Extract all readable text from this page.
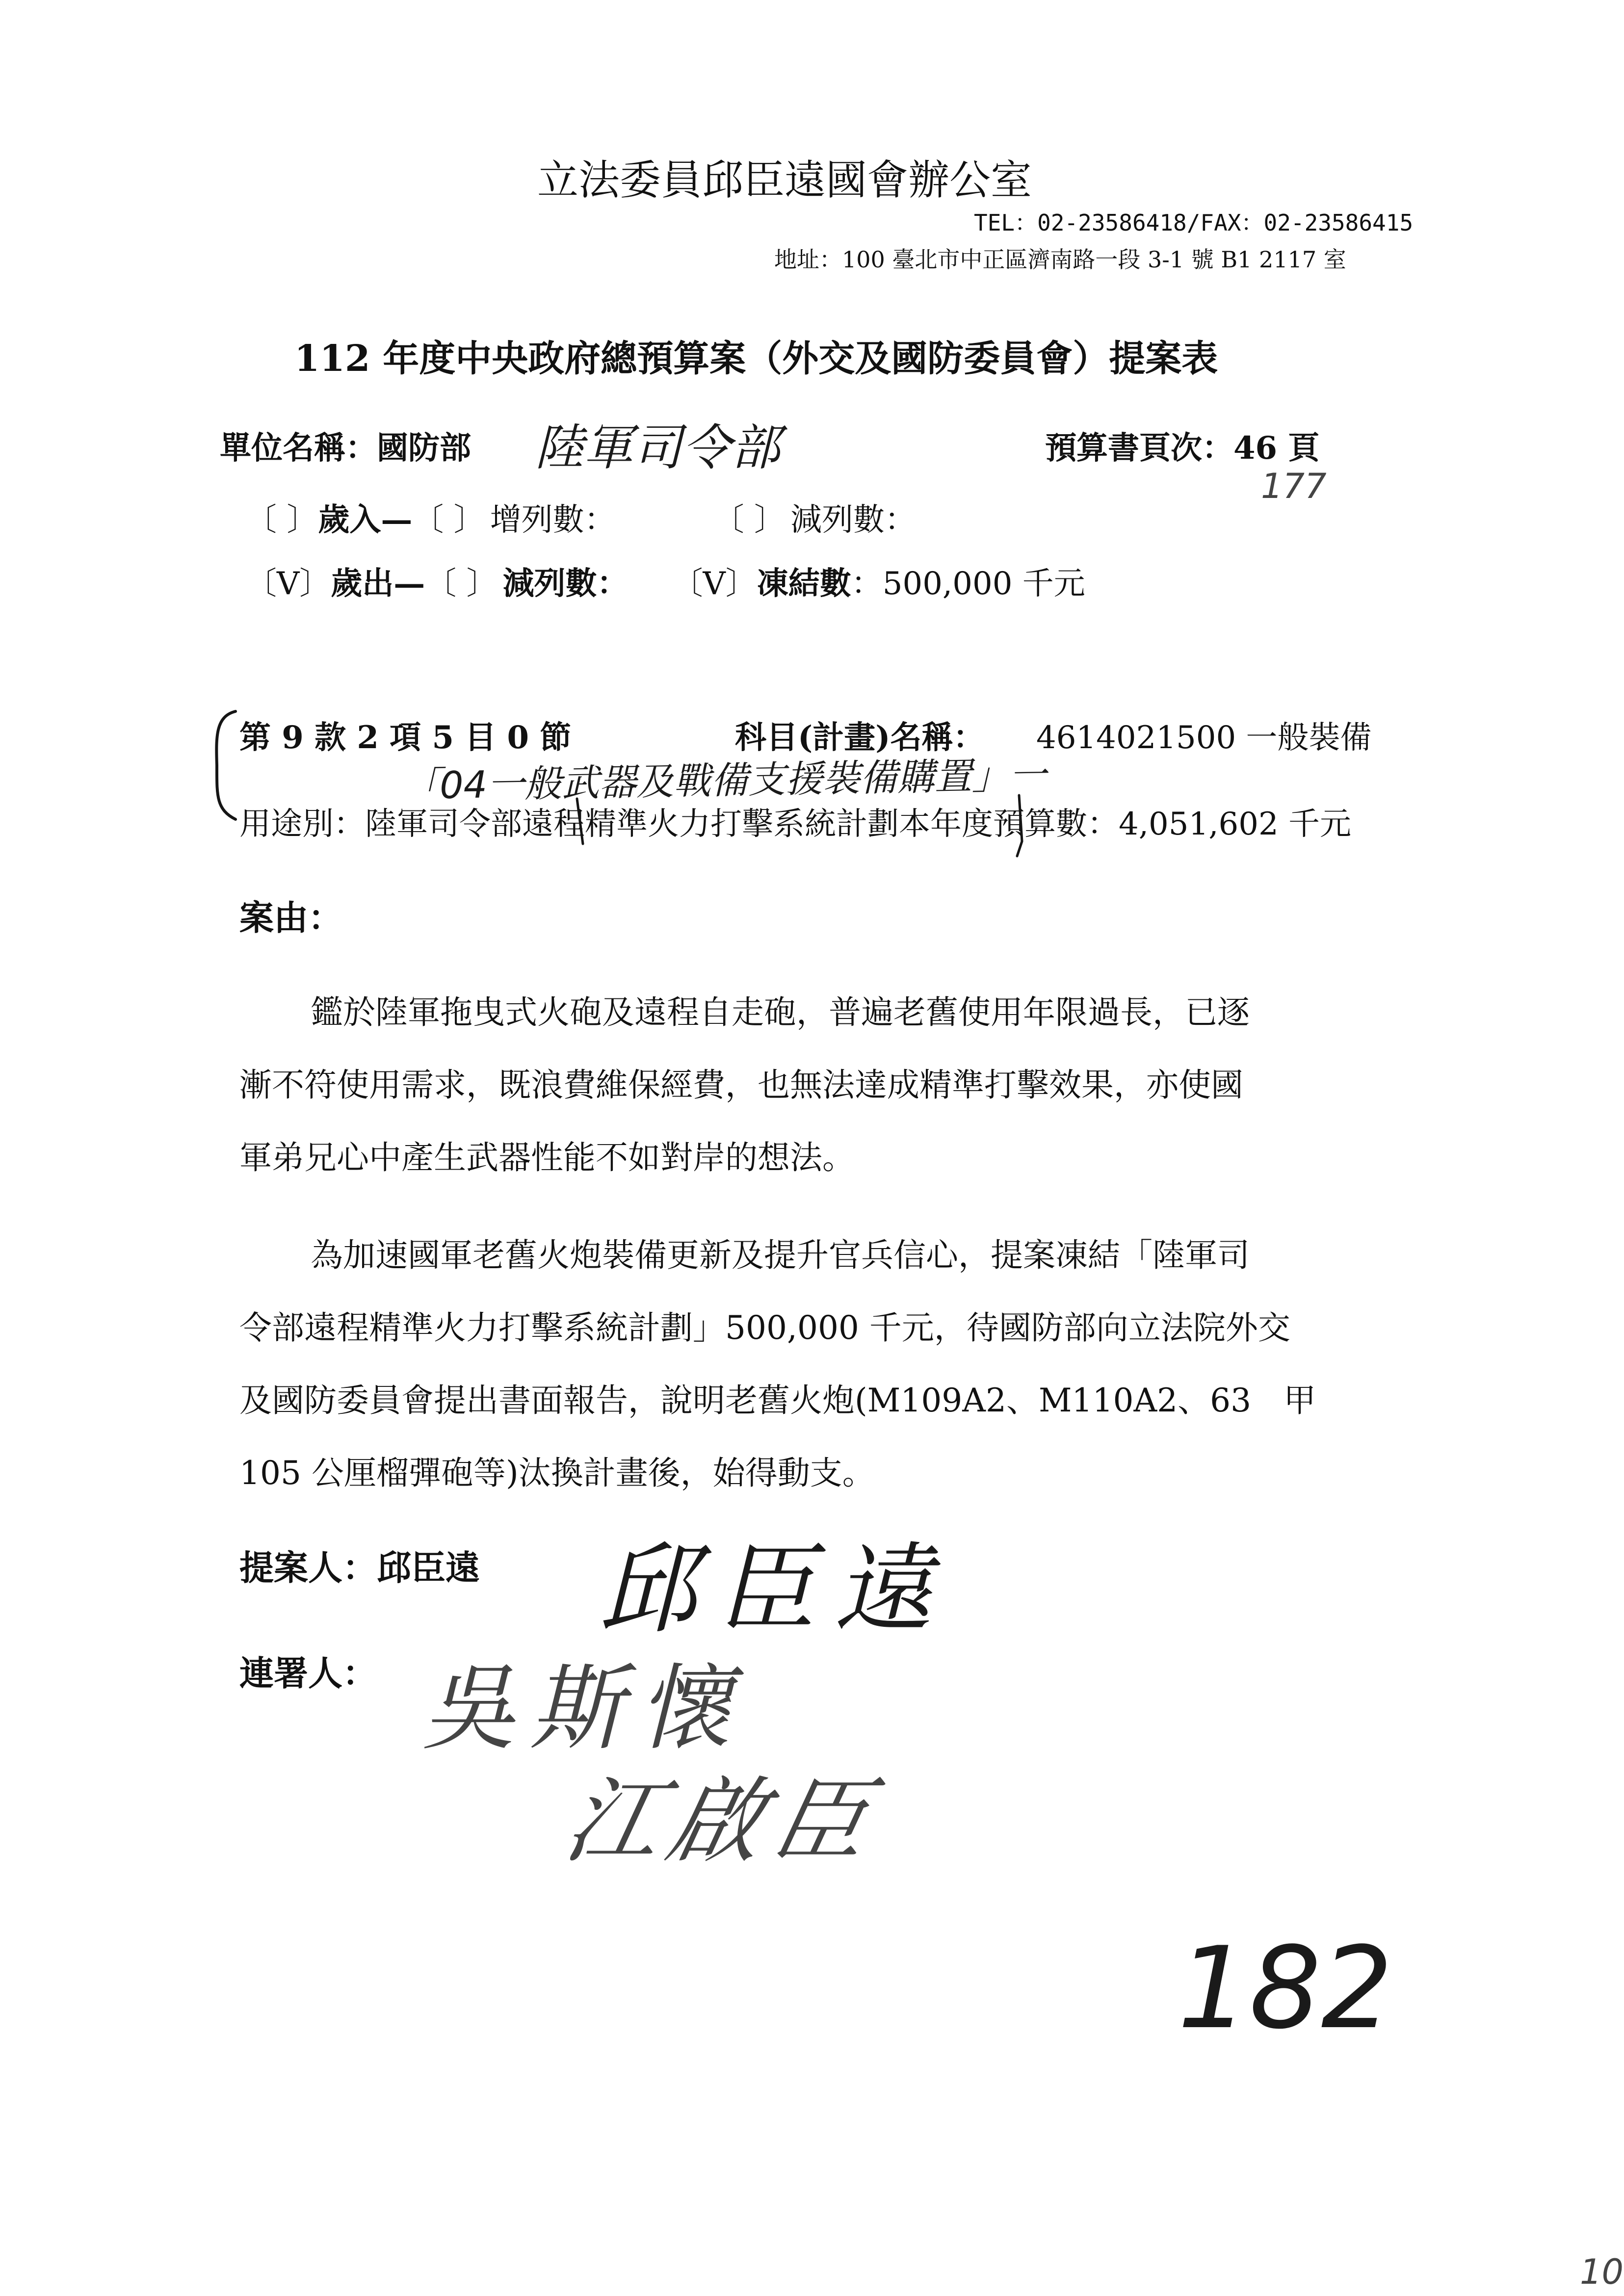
立法委員邱臣遠國會辦公室
TEL：02-23586418/FAX：02-23586415
地址：100 臺北市中正區濟南路一段 3-1 號 B1 2117 室
112 年度中央政府總預算案（外交及國防委員會）提案表
單位名稱：國防部 陸軍司令部	預算書頁次：46 頁
177
〔 〕歲入—〔 〕 增列數：	〔 〕 減列數：
〔V〕歲出—〔 〕 減列數： 〔V〕凍結數：500,000 千元
第 9 款 2 項 5 目 0 節	科目(計畫)名稱： 4614021500 一般裝備
「04一般武器及戰備支援裝備購置」一
用途別：陸軍司令部遠程精準火力打擊系統計劃本年度預算數：4,051,602 千元
案由：
鑑於陸軍拖曳式火砲及遠程自走砲，普遍老舊使用年限過長，已逐
漸不符使用需求，既浪費維保經費，也無法達成精準打擊效果，亦使國
軍弟兄心中產生武器性能不如對岸的想法。
為加速國軍老舊火炮裝備更新及提升官兵信心，提案凍結「陸軍司
令部遠程精準火力打擊系統計劃」500,000 千元，待國防部向立法院外交
及國防委員會提出書面報告，說明老舊火炮(M109A2、M110A2、63　甲
105 公厘榴彈砲等)汰換計畫後，始得動支。
提案人：邱臣遠 邱臣遠
連署人： 吳斯懷
江啟臣
182
10
